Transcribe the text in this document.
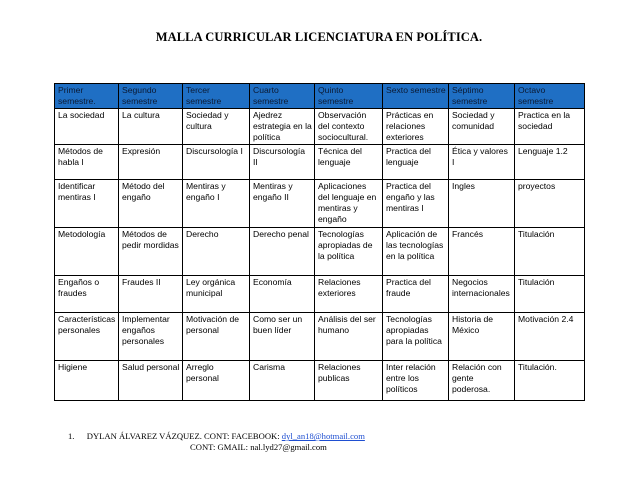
MALLA CURRICULAR LICENCIATURA EN POLÍTICA.
Primer semestre.	Segundo semestre	Tercer semestre	Cuarto semestre	Quinto semestre	Sexto semestre	Séptimo semestre	Octavo semestre
La sociedad	La cultura	Sociedad y cultura	Ajedrez estrategia en la política	Observación del contexto sociocultural.	Prácticas en relaciones exteriores	Sociedad y comunidad	Practica en la sociedad
Métodos de habla I	Expresión	Discursología I	Discursología II	Técnica del lenguaje	Practica del lenguaje	Ética y valores I	Lenguaje 1.2
Identificar mentiras I	Método del engaño	Mentiras y engaño I	Mentiras y engaño II	Aplicaciones del lenguaje en mentiras y engaño	Practica del engaño y las mentiras I	Ingles	proyectos
Metodología	Métodos de pedir mordidas	Derecho	Derecho penal	Tecnologías apropiadas de la política	Aplicación de las tecnologías en la política	Francés	Titulación
Engaños o fraudes	Fraudes II	Ley orgánica municipal	Economía	Relaciones exteriores	Practica del fraude	Negocios internacionales	Titulación
Características personales	Implementar engaños personales	Motivación de personal	Como ser un buen líder	Análisis del ser humano	Tecnologías apropiadas para la política	Historia de México	Motivación 2.4
Higiene	Salud personal	Arreglo personal	Carisma	Relaciones publicas	Inter relación entre los políticos	Relación con gente poderosa.	Titulación.
1. DYLAN ÁLVAREZ VÁZQUEZ. CONT: FACEBOOK: dyl_an18@hotmail.com
CONT: GMAIL: nal.lyd27@gmail.com
